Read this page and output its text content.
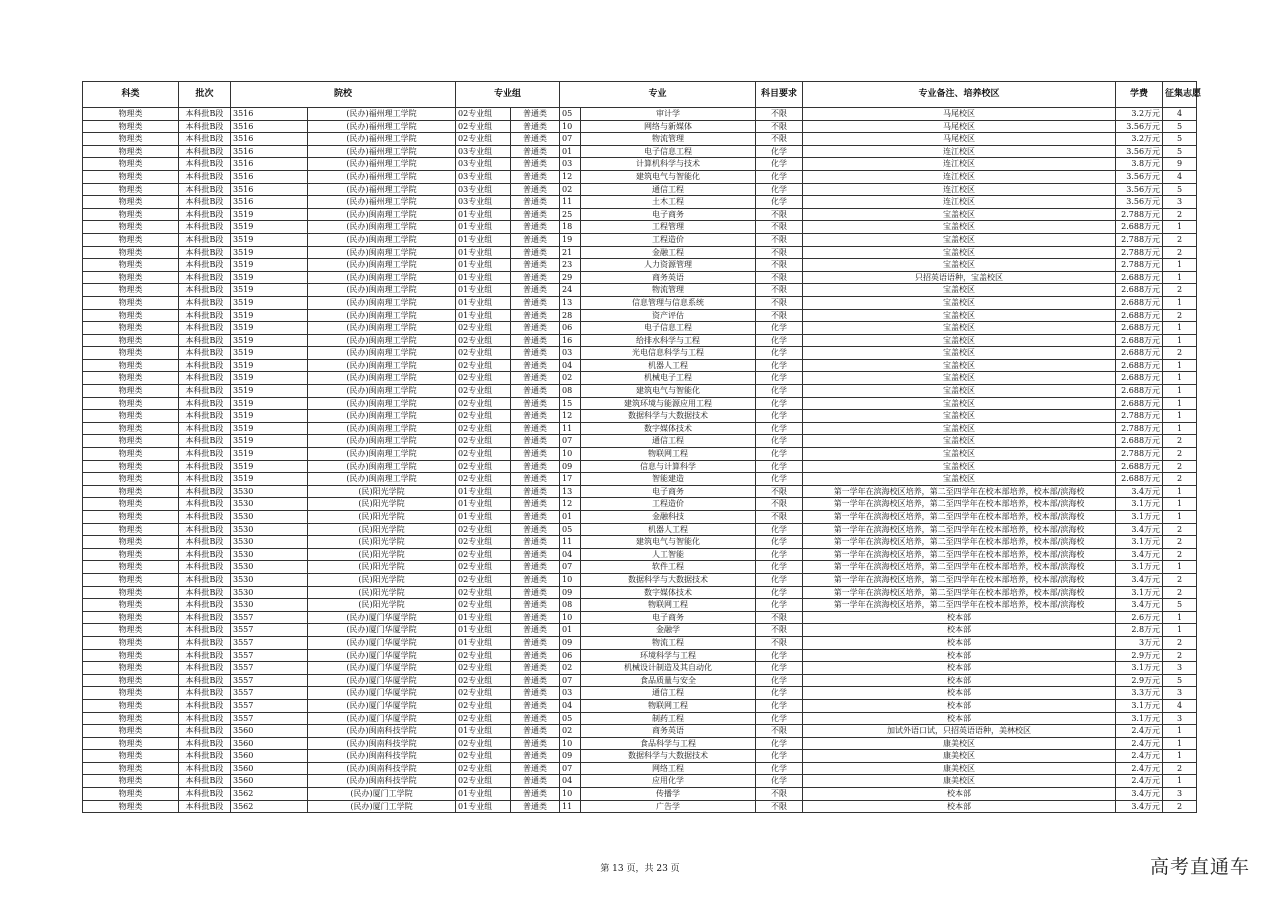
科类	批次	院校		专业组		专业		科目要求	专业备注、培养校区	学费	征集志愿
物理类	本科批B段	3516	(民办)福州理工学院	02专业组	普通类	05	审计学	不限	马尾校区	3.2万元	4
物理类	本科批B段	3516	(民办)福州理工学院	02专业组	普通类	10	网络与新媒体	不限	马尾校区	3.56万元	5
物理类	本科批B段	3516	(民办)福州理工学院	02专业组	普通类	07	物流管理	不限	马尾校区	3.2万元	5
物理类	本科批B段	3516	(民办)福州理工学院	03专业组	普通类	01	电子信息工程	化学	连江校区	3.56万元	5
物理类	本科批B段	3516	(民办)福州理工学院	03专业组	普通类	03	计算机科学与技术	化学	连江校区	3.8万元	9
物理类	本科批B段	3516	(民办)福州理工学院	03专业组	普通类	12	建筑电气与智能化	化学	连江校区	3.56万元	4
物理类	本科批B段	3516	(民办)福州理工学院	03专业组	普通类	02	通信工程	化学	连江校区	3.56万元	5
物理类	本科批B段	3516	(民办)福州理工学院	03专业组	普通类	11	土木工程	化学	连江校区	3.56万元	3
物理类	本科批B段	3519	(民办)闽南理工学院	01专业组	普通类	25	电子商务	不限	宝盖校区	2.788万元	2
物理类	本科批B段	3519	(民办)闽南理工学院	01专业组	普通类	18	工程管理	不限	宝盖校区	2.688万元	1
物理类	本科批B段	3519	(民办)闽南理工学院	01专业组	普通类	19	工程造价	不限	宝盖校区	2.788万元	2
物理类	本科批B段	3519	(民办)闽南理工学院	01专业组	普通类	21	金融工程	不限	宝盖校区	2.788万元	2
物理类	本科批B段	3519	(民办)闽南理工学院	01专业组	普通类	23	人力资源管理	不限	宝盖校区	2.788万元	1
物理类	本科批B段	3519	(民办)闽南理工学院	01专业组	普通类	29	商务英语	不限	只招英语语种，宝盖校区	2.688万元	1
物理类	本科批B段	3519	(民办)闽南理工学院	01专业组	普通类	24	物流管理	不限	宝盖校区	2.688万元	2
物理类	本科批B段	3519	(民办)闽南理工学院	01专业组	普通类	13	信息管理与信息系统	不限	宝盖校区	2.688万元	1
物理类	本科批B段	3519	(民办)闽南理工学院	01专业组	普通类	28	资产评估	不限	宝盖校区	2.688万元	2
物理类	本科批B段	3519	(民办)闽南理工学院	02专业组	普通类	06	电子信息工程	化学	宝盖校区	2.688万元	1
物理类	本科批B段	3519	(民办)闽南理工学院	02专业组	普通类	16	给排水科学与工程	化学	宝盖校区	2.688万元	1
物理类	本科批B段	3519	(民办)闽南理工学院	02专业组	普通类	03	光电信息科学与工程	化学	宝盖校区	2.688万元	2
物理类	本科批B段	3519	(民办)闽南理工学院	02专业组	普通类	04	机器人工程	化学	宝盖校区	2.688万元	1
物理类	本科批B段	3519	(民办)闽南理工学院	02专业组	普通类	02	机械电子工程	化学	宝盖校区	2.688万元	1
物理类	本科批B段	3519	(民办)闽南理工学院	02专业组	普通类	08	建筑电气与智能化	化学	宝盖校区	2.688万元	1
物理类	本科批B段	3519	(民办)闽南理工学院	02专业组	普通类	15	建筑环境与能源应用工程	化学	宝盖校区	2.688万元	1
物理类	本科批B段	3519	(民办)闽南理工学院	02专业组	普通类	12	数据科学与大数据技术	化学	宝盖校区	2.788万元	1
物理类	本科批B段	3519	(民办)闽南理工学院	02专业组	普通类	11	数字媒体技术	化学	宝盖校区	2.788万元	1
物理类	本科批B段	3519	(民办)闽南理工学院	02专业组	普通类	07	通信工程	化学	宝盖校区	2.688万元	2
物理类	本科批B段	3519	(民办)闽南理工学院	02专业组	普通类	10	物联网工程	化学	宝盖校区	2.788万元	2
物理类	本科批B段	3519	(民办)闽南理工学院	02专业组	普通类	09	信息与计算科学	化学	宝盖校区	2.688万元	2
物理类	本科批B段	3519	(民办)闽南理工学院	02专业组	普通类	17	智能建造	化学	宝盖校区	2.688万元	2
物理类	本科批B段	3530	(民)阳光学院	01专业组	普通类	13	电子商务	不限	第一学年在滨海校区培养，第二至四学年在校本部培养，校本部/滨海校	3.4万元	1
物理类	本科批B段	3530	(民)阳光学院	01专业组	普通类	12	工程造价	不限	第一学年在滨海校区培养，第二至四学年在校本部培养，校本部/滨海校	3.1万元	1
物理类	本科批B段	3530	(民)阳光学院	01专业组	普通类	01	金融科技	不限	第一学年在滨海校区培养，第二至四学年在校本部培养，校本部/滨海校	3.1万元	1
物理类	本科批B段	3530	(民)阳光学院	02专业组	普通类	05	机器人工程	化学	第一学年在滨海校区培养，第二至四学年在校本部培养，校本部/滨海校	3.4万元	2
物理类	本科批B段	3530	(民)阳光学院	02专业组	普通类	11	建筑电气与智能化	化学	第一学年在滨海校区培养，第二至四学年在校本部培养，校本部/滨海校	3.1万元	2
物理类	本科批B段	3530	(民)阳光学院	02专业组	普通类	04	人工智能	化学	第一学年在滨海校区培养，第二至四学年在校本部培养，校本部/滨海校	3.4万元	2
物理类	本科批B段	3530	(民)阳光学院	02专业组	普通类	07	软件工程	化学	第一学年在滨海校区培养，第二至四学年在校本部培养，校本部/滨海校	3.1万元	1
物理类	本科批B段	3530	(民)阳光学院	02专业组	普通类	10	数据科学与大数据技术	化学	第一学年在滨海校区培养，第二至四学年在校本部培养，校本部/滨海校	3.4万元	2
物理类	本科批B段	3530	(民)阳光学院	02专业组	普通类	09	数字媒体技术	化学	第一学年在滨海校区培养，第二至四学年在校本部培养，校本部/滨海校	3.1万元	2
物理类	本科批B段	3530	(民)阳光学院	02专业组	普通类	08	物联网工程	化学	第一学年在滨海校区培养，第二至四学年在校本部培养，校本部/滨海校	3.4万元	5
物理类	本科批B段	3557	(民办)厦门华厦学院	01专业组	普通类	10	电子商务	不限	校本部	2.6万元	1
物理类	本科批B段	3557	(民办)厦门华厦学院	01专业组	普通类	01	金融学	不限	校本部	2.8万元	1
物理类	本科批B段	3557	(民办)厦门华厦学院	01专业组	普通类	09	物流工程	不限	校本部	3万元	2
物理类	本科批B段	3557	(民办)厦门华厦学院	02专业组	普通类	06	环境科学与工程	化学	校本部	2.9万元	2
物理类	本科批B段	3557	(民办)厦门华厦学院	02专业组	普通类	02	机械设计制造及其自动化	化学	校本部	3.1万元	3
物理类	本科批B段	3557	(民办)厦门华厦学院	02专业组	普通类	07	食品质量与安全	化学	校本部	2.9万元	5
物理类	本科批B段	3557	(民办)厦门华厦学院	02专业组	普通类	03	通信工程	化学	校本部	3.3万元	3
物理类	本科批B段	3557	(民办)厦门华厦学院	02专业组	普通类	04	物联网工程	化学	校本部	3.1万元	4
物理类	本科批B段	3557	(民办)厦门华厦学院	02专业组	普通类	05	制药工程	化学	校本部	3.1万元	3
物理类	本科批B段	3560	(民办)闽南科技学院	01专业组	普通类	02	商务英语	不限	加试外语口试，只招英语语种，美林校区	2.4万元	1
物理类	本科批B段	3560	(民办)闽南科技学院	02专业组	普通类	10	食品科学与工程	化学	康美校区	2.4万元	1
物理类	本科批B段	3560	(民办)闽南科技学院	02专业组	普通类	09	数据科学与大数据技术	化学	康美校区	2.4万元	1
物理类	本科批B段	3560	(民办)闽南科技学院	02专业组	普通类	07	网络工程	化学	康美校区	2.4万元	2
物理类	本科批B段	3560	(民办)闽南科技学院	02专业组	普通类	04	应用化学	化学	康美校区	2.4万元	1
物理类	本科批B段	3562	(民办)厦门工学院	01专业组	普通类	10	传播学	不限	校本部	3.4万元	3
物理类	本科批B段	3562	(民办)厦门工学院	01专业组	普通类	11	广告学	不限	校本部	3.4万元	2
第 13 页，共 23 页	高考直通车
